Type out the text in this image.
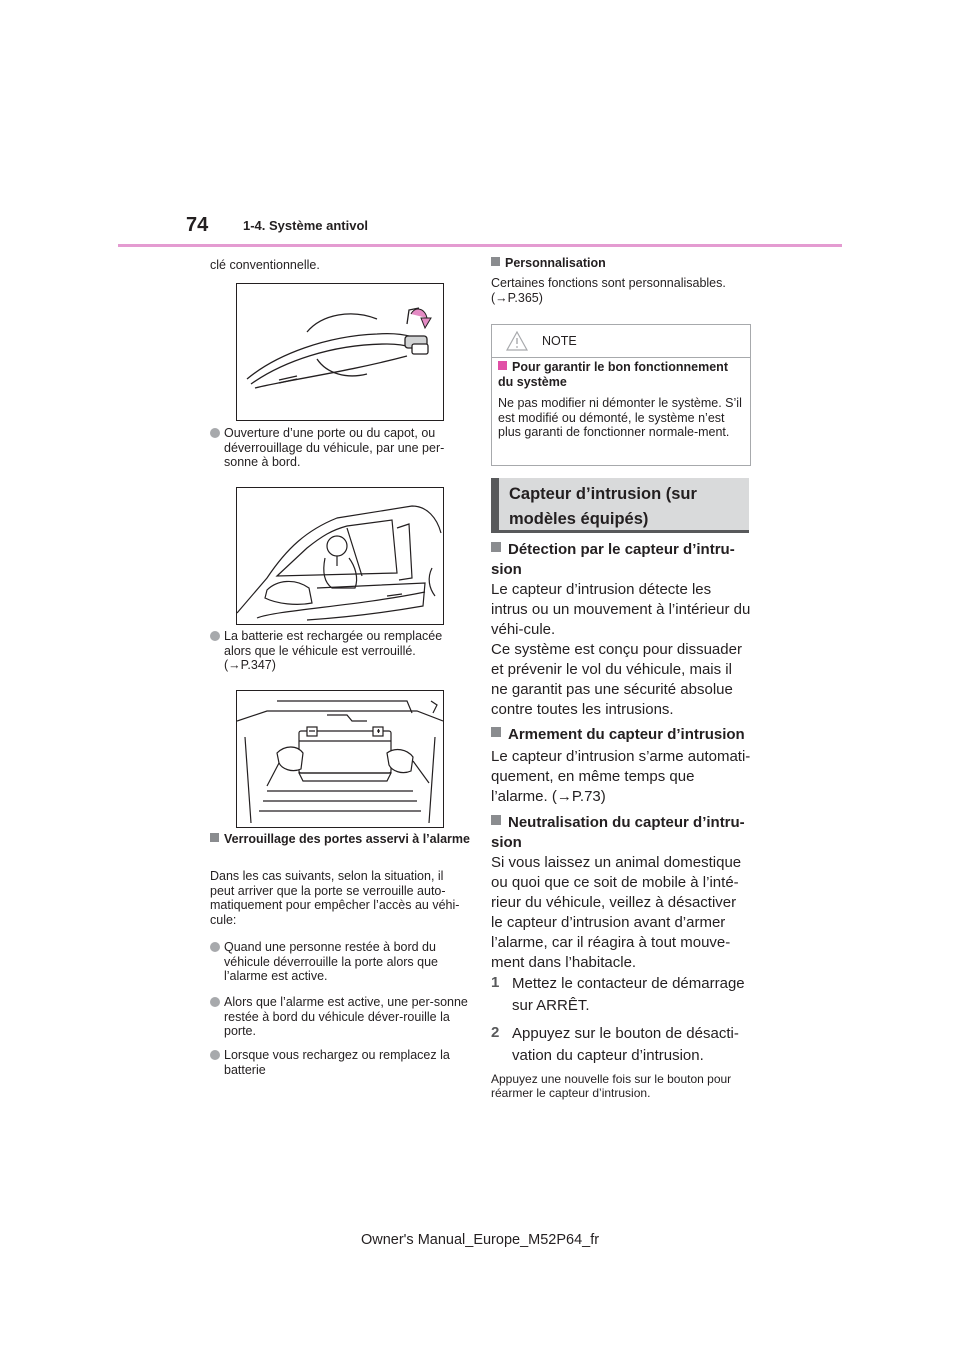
74	1-4. Système antivol
clé conventionnelle.
Ouverture d’une porte ou du capot, ou déverrouillage du véhicule, par une per-sonne à bord.
La batterie est rechargée ou remplacée alors que le véhicule est verrouillé. (→P.347)
Verrouillage des portes asservi à l’alarme
Dans les cas suivants, selon la situation, il peut arriver que la porte se verrouille auto-matiquement pour empêcher l’accès au véhi-cule:
Quand une personne restée à bord du véhicule déverrouille la porte alors que l’alarme est active.
Alors que l’alarme est active, une per-sonne restée à bord du véhicule déver-rouille la porte.
Lorsque vous rechargez ou remplacez la batterie
Personnalisation
Certaines fonctions sont personnalisables. (→P.365)
NOTE
Pour garantir le bon fonctionnement du système
Ne pas modifier ni démonter le système. S’il est modifié ou démonté, le système n’est plus garanti de fonctionner normale-ment.
Capteur d’intrusion (sur modèles équipés)
Détection par le capteur d’intru-sion
Le capteur d’intrusion détecte les intrus ou un mouvement à l’intérieur du véhi-cule.
Ce système est conçu pour dissuader et prévenir le vol du véhicule, mais il ne garantit pas une sécurité absolue contre toutes les intrusions.
Armement du capteur d’intrusion
Le capteur d’intrusion s’arme automati-quement, en même temps que l’alarme. (→P.73)
Neutralisation du capteur d’intru-sion
Si vous laissez un animal domestique ou quoi que ce soit de mobile à l’inté-rieur du véhicule, veillez à désactiver le capteur d’intrusion avant d’armer l’alarme, car il réagira à tout mouve-ment dans l’habitacle.
1 Mettez le contacteur de démarrage sur ARRÊT.
2 Appuyez sur le bouton de désacti-vation du capteur d’intrusion.
Appuyez une nouvelle fois sur le bouton pour réarmer le capteur d’intrusion.
Owner's Manual_Europe_M52P64_fr
